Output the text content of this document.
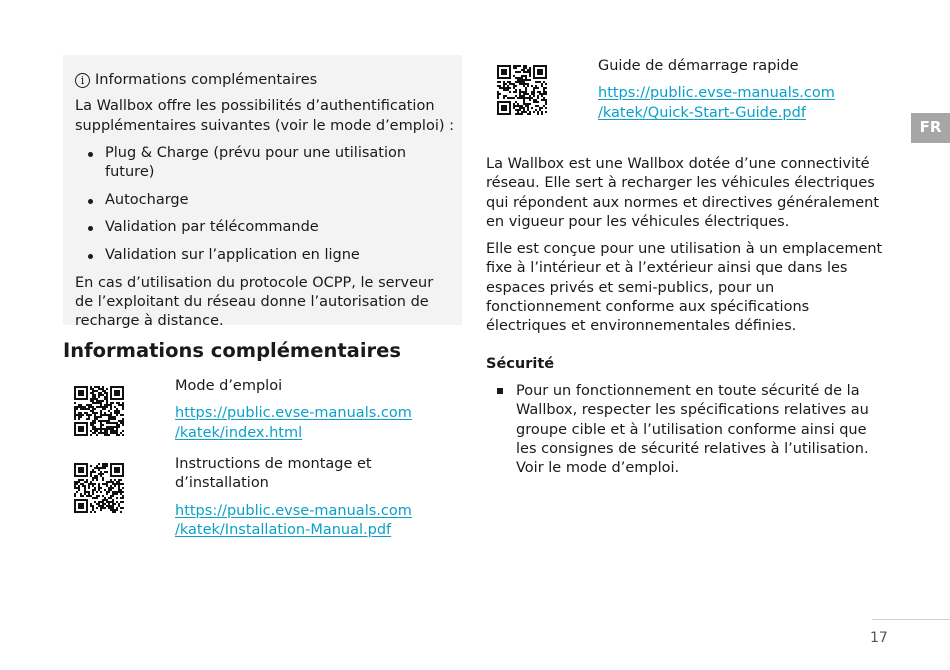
i Informations complémentaires

La Wallbox offre les possibilités d’authentification supplémentaires suivantes (voir le mode d’emploi) :

Plug & Charge (prévu pour une utilisation future)
Autocharge
Validation par télécommande
Validation sur l’application en ligne

En cas d’utilisation du protocole OCPP, le serveur de l’exploitant du réseau donne l’autorisation de recharge à distance.

Informations complémentaires

Mode d’emploi

https://public.evse-manuals.com
/katek/index.html

Instructions de montage et d’installation

https://public.evse-manuals.com
/katek/Installation-Manual.pdf

Guide de démarrage rapide

https://public.evse-manuals.com
/katek/Quick-Start-Guide.pdf

La Wallbox est une Wallbox dotée d’une connectivité réseau. Elle sert à recharger les véhicules électriques qui répondent aux normes et directives généralement en vigueur pour les véhicules électriques.

Elle est conçue pour une utilisation à un emplacement fixe à l’intérieur et à l’extérieur ainsi que dans les espaces privés et semi-publics, pour un fonctionnement conforme aux spécifications électriques et environnementales définies.

Sécurité

Pour un fonctionnement en toute sécurité de la Wallbox, respecter les spécifications relatives au groupe cible et à l’utilisation conforme ainsi que les consignes de sécurité relatives à l’utilisation. Voir le mode d’emploi.
FR
17
